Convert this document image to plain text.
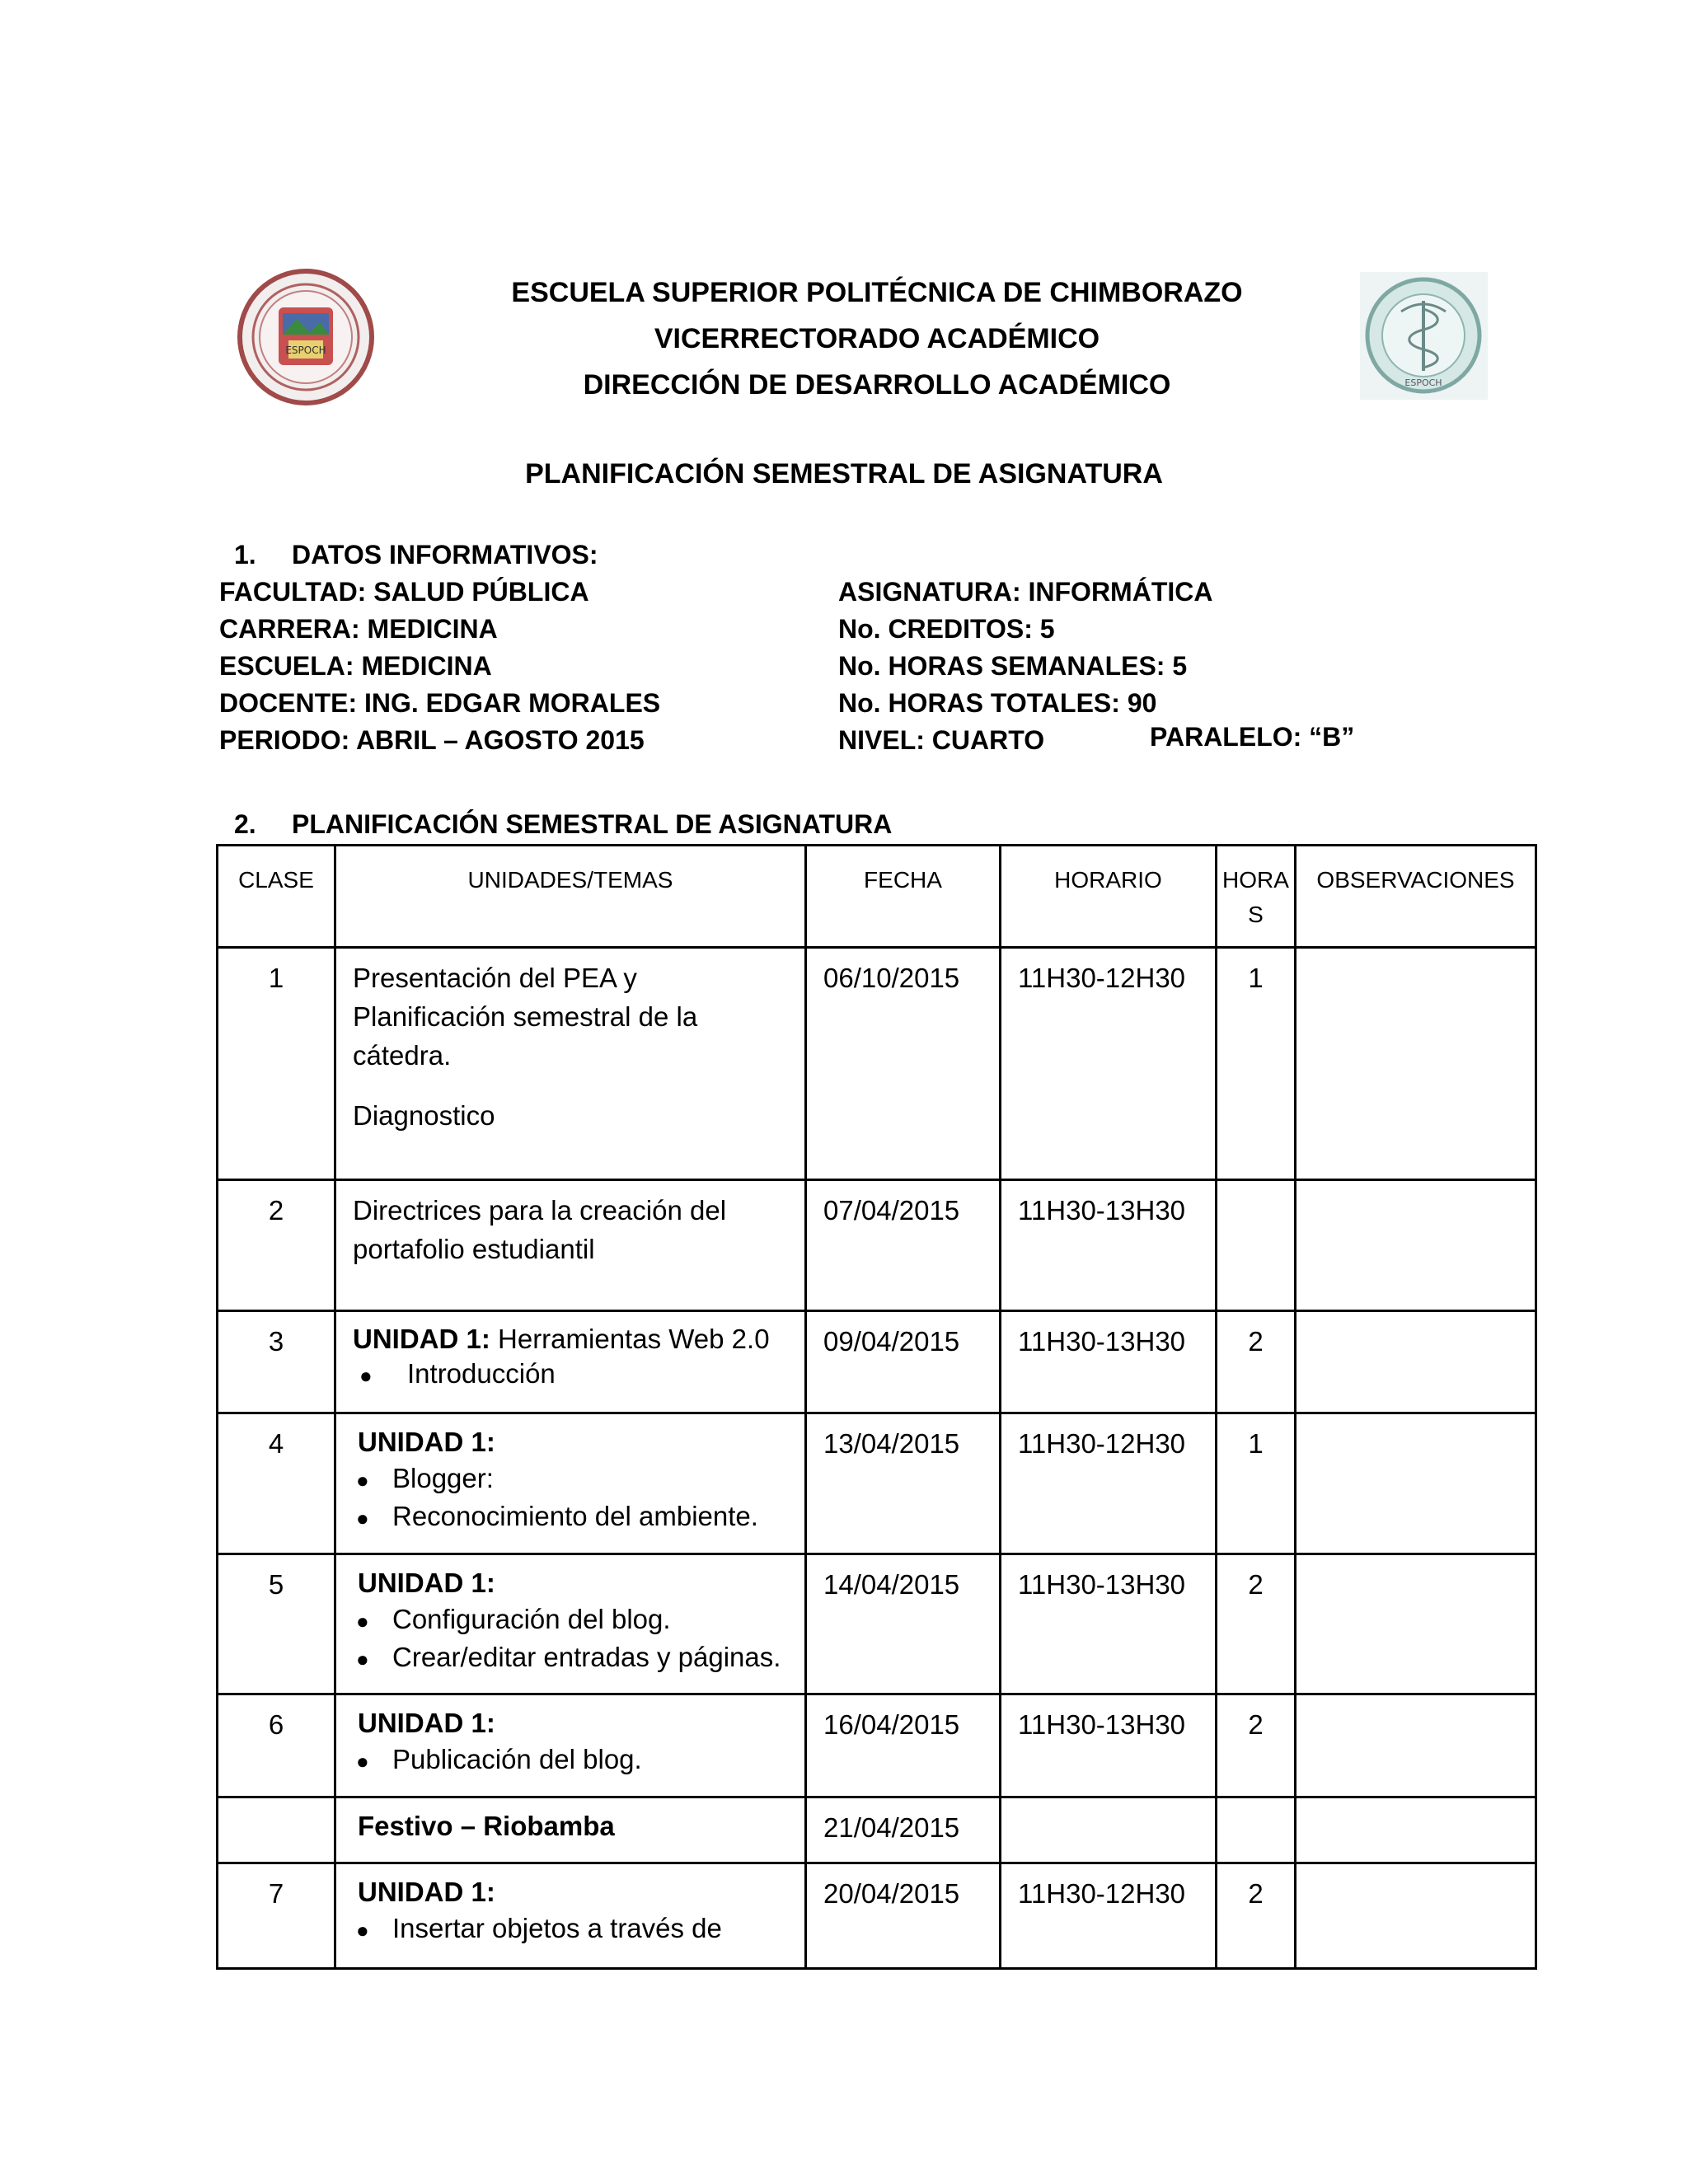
ESPOCH
ESPOCH
ESCUELA SUPERIOR POLITÉCNICA DE CHIMBORAZO
VICERRECTORADO ACADÉMICO
DIRECCIÓN DE DESARROLLO ACADÉMICO
PLANIFICACIÓN SEMESTRAL DE ASIGNATURA
1. DATOS INFORMATIVOS:
FACULTAD: SALUD PÚBLICA
CARRERA: MEDICINA
ESCUELA: MEDICINA
DOCENTE: ING. EDGAR MORALES
PERIODO: ABRIL – AGOSTO 2015
ASIGNATURA: INFORMÁTICA
No. CREDITOS: 5
No. HORAS SEMANALES: 5
No. HORAS TOTALES: 90
NIVEL: CUARTO	PARALELO: “B”
2. PLANIFICACIÓN SEMESTRAL DE ASIGNATURA
CLASE	UNIDADES/TEMAS	FECHA	HORARIO	HORA
S	OBSERVACIONES
1	Presentación del PEA y
Planificación semestral de la
cátedra.
Diagnostico	06/10/2015	11H30-12H30	1	
2	Directrices para la creación del
portafolio estudiantil	07/04/2015	11H30-13H30		
3	UNIDAD 1: Herramientas Web 2.0
● Introducción	09/04/2015	11H30-13H30	2	
4	UNIDAD 1:
● Blogger:
● Reconocimiento del ambiente.	13/04/2015	11H30-12H30	1	
5	UNIDAD 1:
● Configuración del blog.
● Crear/editar entradas y páginas.	14/04/2015	11H30-13H30	2	
6	UNIDAD 1:
● Publicación del blog.	16/04/2015	11H30-13H30	2	

	Festivo – Riobamba	21/04/2015			
7	UNIDAD 1:
● Insertar objetos a través de	20/04/2015	11H30-12H30	2	
